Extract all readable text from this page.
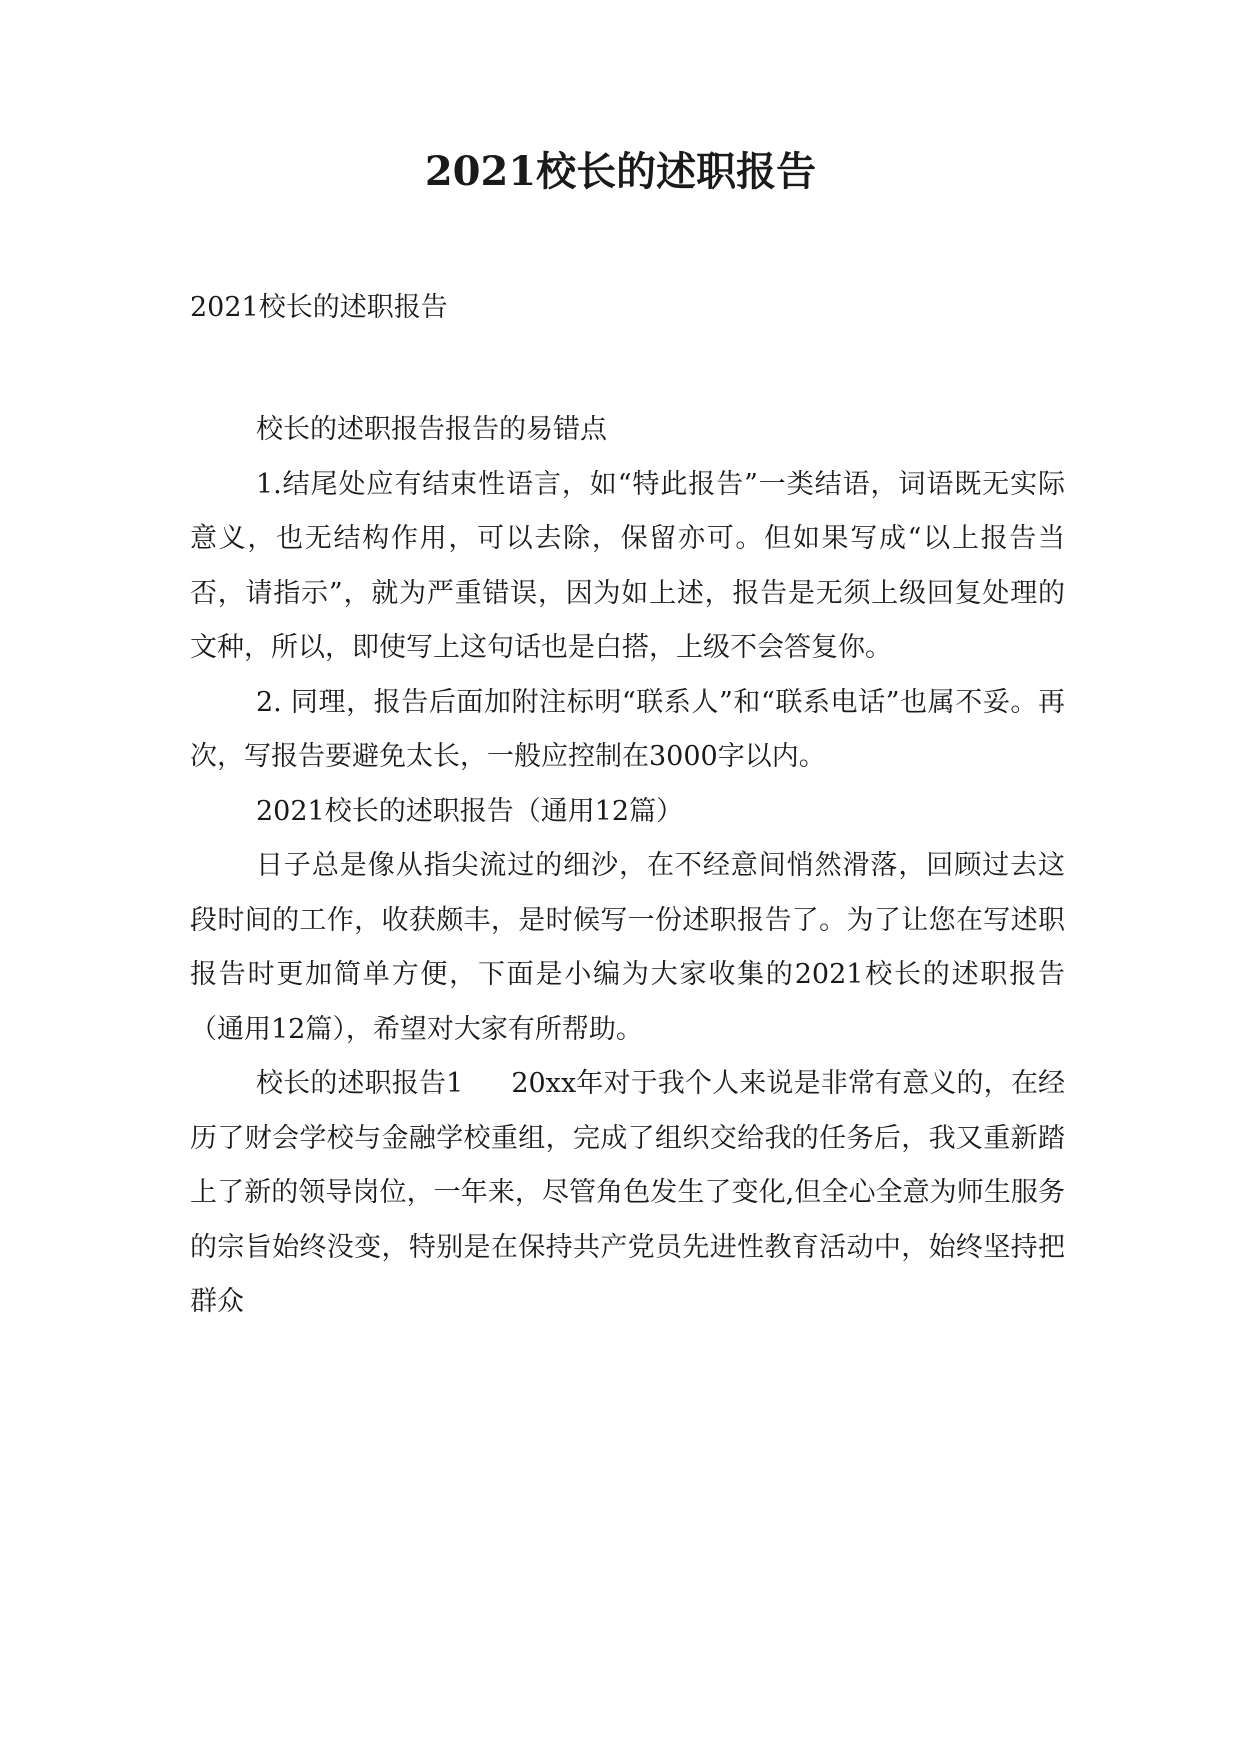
2021校长的述职报告
2021校长的述职报告

校长的述职报告报告的易错点

1.结尾处应有结束性语言，如“特此报告”一类结语，词语既无实际意义，也无结构作用，可以去除，保留亦可。但如果写成“以上报告当否，请指示”，就为严重错误，因为如上述，报告是无须上级回复处理的文种，所以，即使写上这句话也是白搭，上级不会答复你。

2. 同理，报告后面加附注标明“联系人”和“联系电话”也属不妥。再次，写报告要避免太长，一般应控制在3000字以内。

2021校长的述职报告（通用12篇）

日子总是像从指尖流过的细沙，在不经意间悄然滑落，回顾过去这段时间的工作，收获颇丰，是时候写一份述职报告了。为了让您在写述职报告时更加简单方便，下面是小编为大家收集的2021校长的述职报告（通用12篇），希望对大家有所帮助。

校长的述职报告1 20xx年对于我个人来说是非常有意义的，在经历了财会学校与金融学校重组，完成了组织交给我的任务后，我又重新踏上了新的领导岗位，一年来，尽管角色发生了变化,但全心全意为师生服务的宗旨始终没变，特别是在保持共产党员先进性教育活动中，始终坚持把群众
